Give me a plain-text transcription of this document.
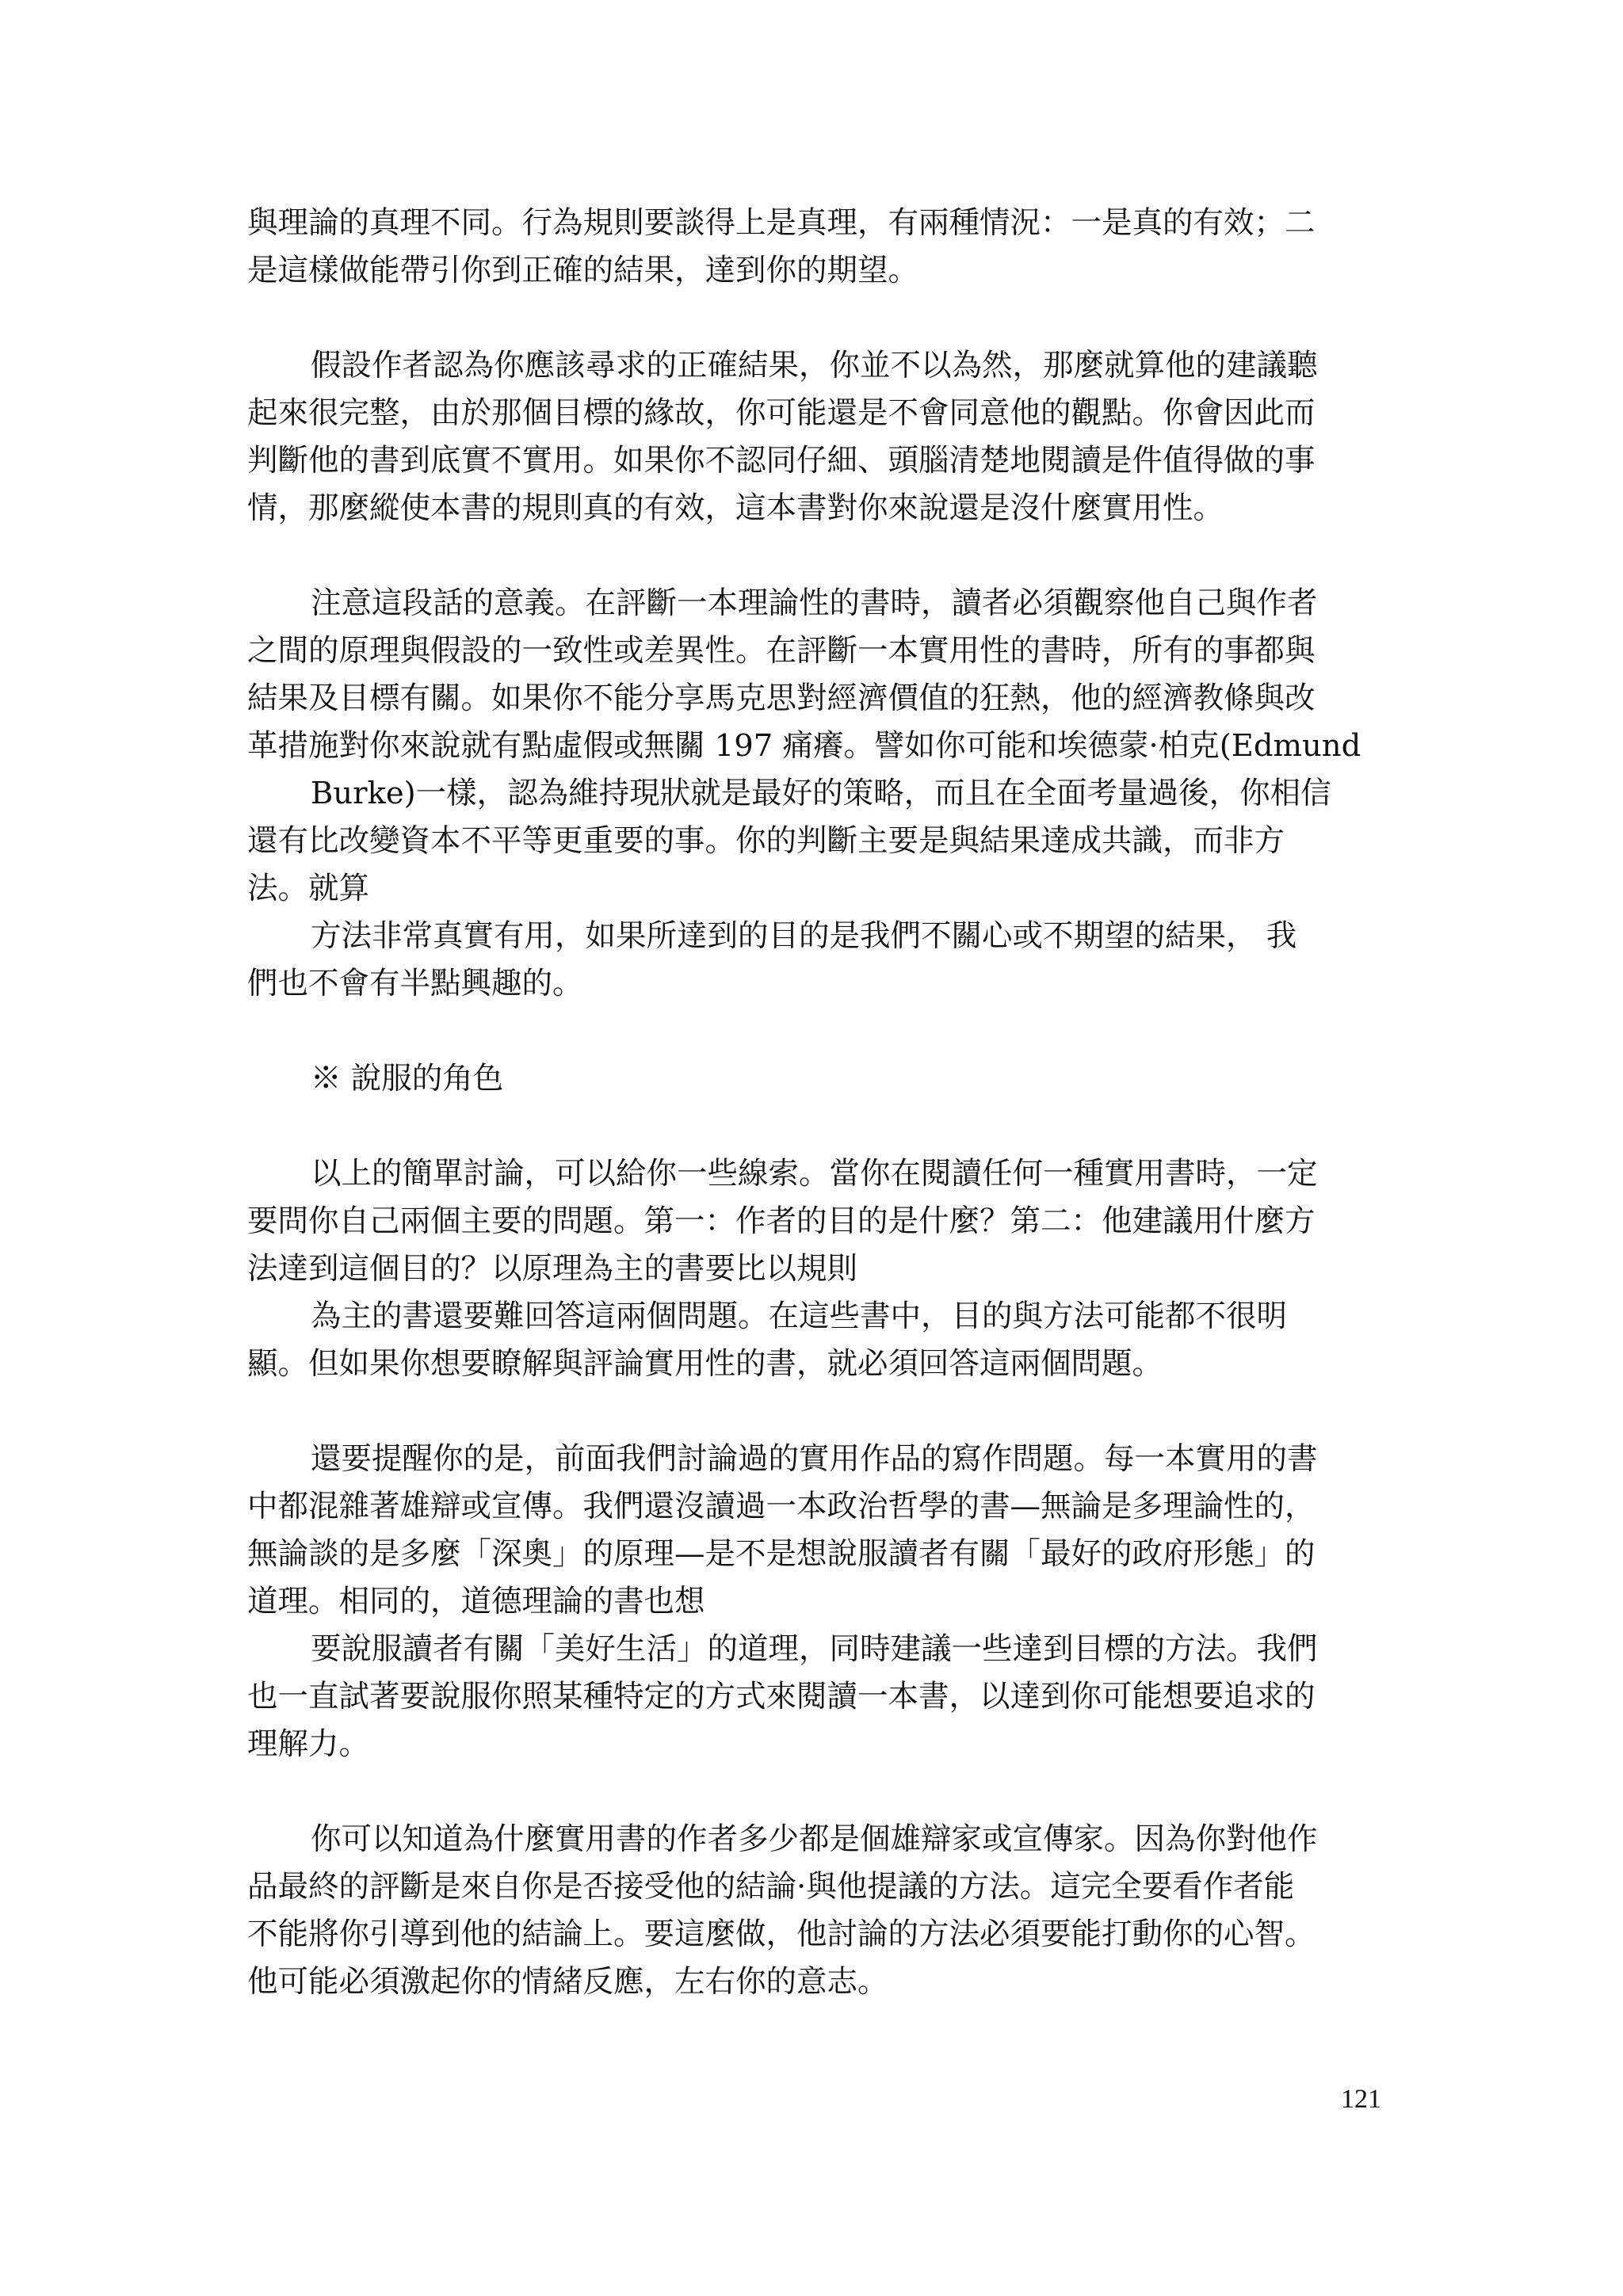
與理論的真理不同。行為規則要談得上是真理，有兩種情況：一是真的有效；二
是這樣做能帶引你到正確的結果，達到你的期望。
假設作者認為你應該尋求的正確結果，你並不以為然，那麼就算他的建議聽
起來很完整，由於那個目標的緣故，你可能還是不會同意他的觀點。你會因此而
判斷他的書到底實不實用。如果你不認同仔細、頭腦清楚地閱讀是件值得做的事
情，那麼縱使本書的規則真的有效，這本書對你來說還是沒什麼實用性。
注意這段話的意義。在評斷一本理論性的書時，讀者必須觀察他自己與作者
之間的原理與假設的一致性或差異性。在評斷一本實用性的書時，所有的事都與
結果及目標有關。如果你不能分享馬克思對經濟價值的狂熱，他的經濟教條與改
革措施對你來說就有點虛假或無關 197 痛癢。譬如你可能和埃德蒙·柏克(Edmund
Burke)一樣，認為維持現狀就是最好的策略，而且在全面考量過後，你相信
還有比改變資本不平等更重要的事。你的判斷主要是與結果達成共識，而非方
法。就算
方法非常真實有用，如果所達到的目的是我們不關心或不期望的結果， 我
們也不會有半點興趣的。
※ 說服的角色
以上的簡單討論，可以給你一些線索。當你在閱讀任何一種實用書時，一定
要問你自己兩個主要的問題。第一：作者的目的是什麼？第二：他建議用什麼方
法達到這個目的？以原理為主的書要比以規則
為主的書還要難回答這兩個問題。在這些書中，目的與方法可能都不很明
顯。但如果你想要瞭解與評論實用性的書，就必須回答這兩個問題。
還要提醒你的是，前面我們討論過的實用作品的寫作問題。每一本實用的書
中都混雜著雄辯或宣傳。我們還沒讀過一本政治哲學的書—無論是多理論性的，
無論談的是多麼「深奧」的原理—是不是想說服讀者有關「最好的政府形態」的
道理。相同的，道德理論的書也想
要說服讀者有關「美好生活」的道理，同時建議一些達到目標的方法。我們
也一直試著要說服你照某種特定的方式來閱讀一本書，以達到你可能想要追求的
理解力。
你可以知道為什麼實用書的作者多少都是個雄辯家或宣傳家。因為你對他作
品最終的評斷是來自你是否接受他的結論·與他提議的方法。這完全要看作者能
不能將你引導到他的結論上。要這麼做，他討論的方法必須要能打動你的心智。
他可能必須激起你的情緒反應，左右你的意志。
121
